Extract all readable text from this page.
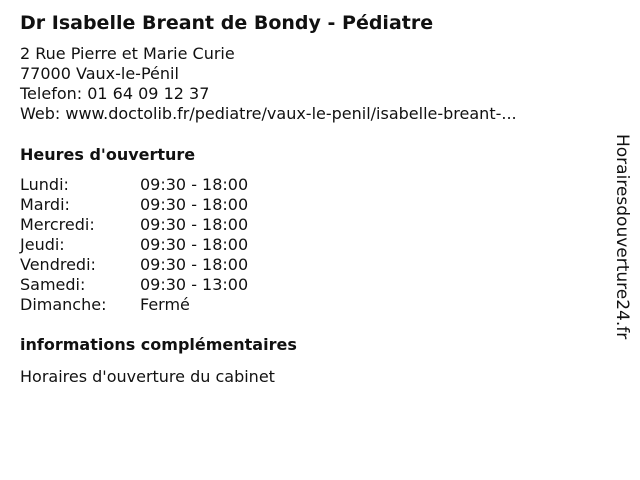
Dr Isabelle Breant de Bondy - Pédiatre
2 Rue Pierre et Marie Curie
77000 Vaux-le-Pénil
Telefon: 01 64 09 12 37
Web: www.doctolib.fr/pediatre/vaux-le-penil/isabelle-breant-...
Heures d'ouverture
Lundi:	09:30 - 18:00
Mardi:	09:30 - 18:00
Mercredi:	09:30 - 18:00
Jeudi:	09:30 - 18:00
Vendredi:	09:30 - 18:00
Samedi:	09:30 - 13:00
Dimanche:	Fermé
informations complémentaires
Horaires d'ouverture du cabinet
Horairesdouverture24.fr
